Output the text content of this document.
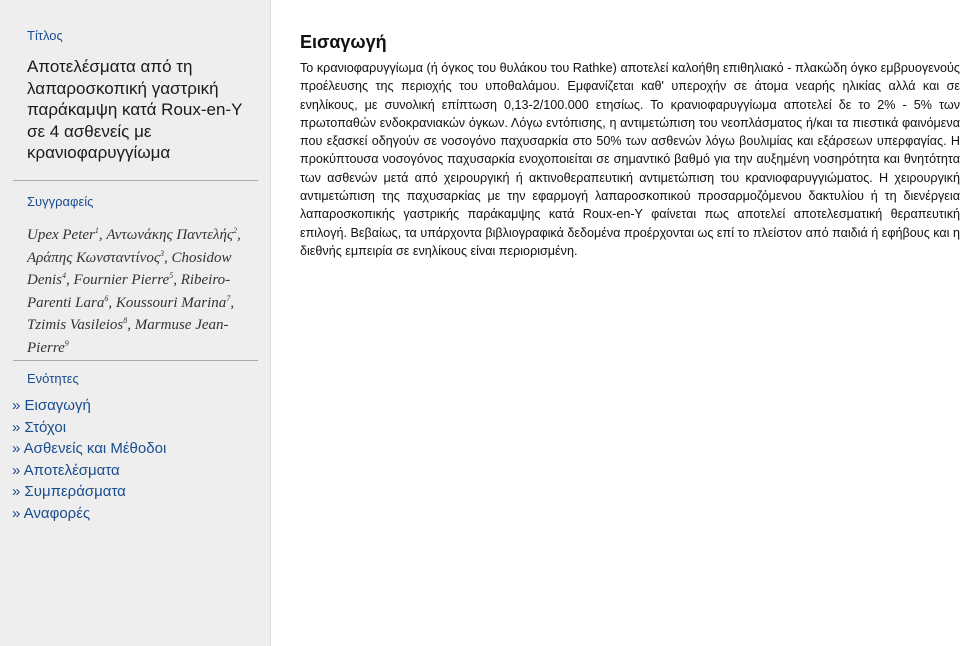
Τίτλος
Αποτελέσματα από τη λαπαροσκοπική γαστρική παράκαμψη κατά Roux-en-Y σε 4 ασθενείς με κρανιοφαρυγγίωμα
Συγγραφείς
Upex Peter$^1$, Αντωνάκης Παντελής$^2$, Αράπης Κωνσταντίνος$^3$, Chosidow Denis$^4$, Fournier Pierre$^5$, Ribeiro-Parenti Lara$^6$, Koussouri Marina$^7$, Tzimis Vasileios$^8$, Marmuse Jean-Pierre$^9$
Ενότητες
» Εισαγωγή
» Στόχοι
» Ασθενείς και Μέθοδοι
» Αποτελέσματα
» Συμπεράσματα
» Αναφορές
Εισαγωγή

Το κρανιοφαρυγγίωμα (ή όγκος του θυλάκου του Rathke) αποτελεί καλοήθη επιθηλιακό - πλακώδη όγκο εμβρυογενούς προέλευσης της περιοχής του υποθαλάμου. Εμφανίζεται καθ' υπεροχήν σε άτομα νεαρής ηλικίας αλλά και σε ενηλίκους, με συνολική επίπτωση 0,13-2/100.000 ετησίως. Το κρανιοφαρυγγίωμα αποτελεί δε το 2% - 5% των πρωτοπαθών ενδοκρανιακών όγκων. Λόγω εντόπισης, η αντιμετώπιση του νεοπλάσματος ή/και τα πιεστικά φαινόμενα που εξασκεί οδηγούν σε νοσογόνο παχυσαρκία στο 50% των ασθενών λόγω βουλιμίας και εξάρσεων υπερφαγίας. Η προκύπτουσα νοσογόνος παχυσαρκία ενοχοποιείται σε σημαντικό βαθμό για την αυξημένη νοσηρότητα και θνητότητα των ασθενών μετά από χειρουργική ή ακτινοθεραπευτική αντιμετώπιση του κρανιοφαρυγγιώματος. Η χειρουργική αντιμετώπιση της παχυσαρκίας με την εφαρμογή λαπαροσκοπικού προσαρμοζόμενου δακτυλίου ή τη διενέργεια λαπαροσκοπικής γαστρικής παράκαμψης κατά Roux-en-Y φαίνεται πως αποτελεί αποτελεσματική θεραπευτική επιλογή. Βεβαίως, τα υπάρχοντα βιβλιογραφικά δεδομένα προέρχονται ως επί το πλείστον από παιδιά ή εφήβους και η διεθνής εμπειρία σε ενηλίκους είναι περιορισμένη.
